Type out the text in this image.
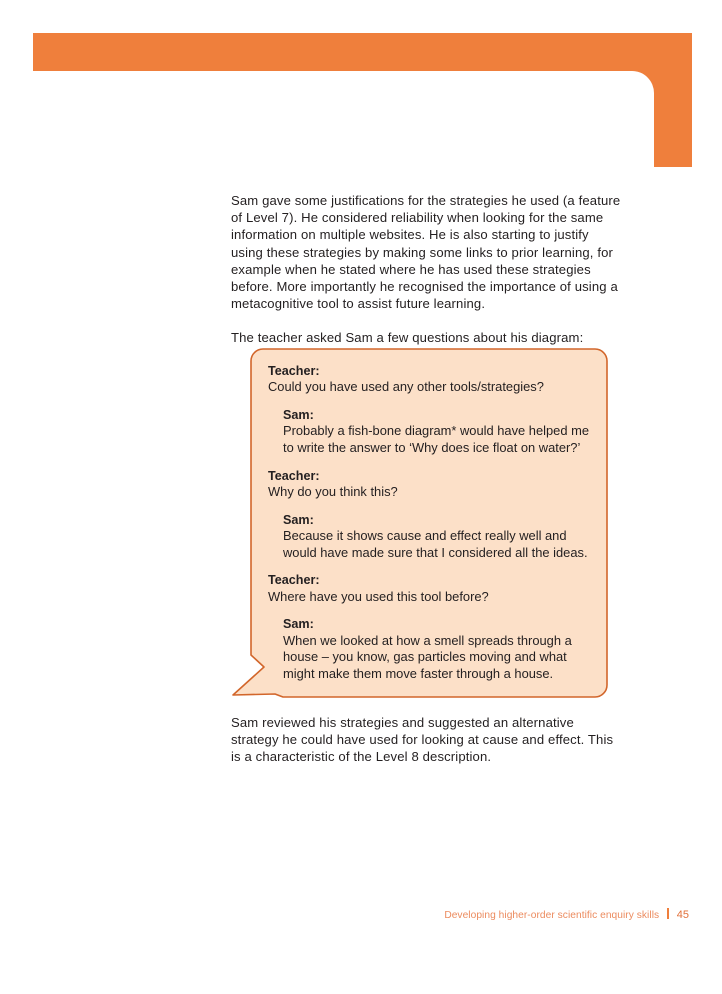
Sam gave some justifications for the strategies he used (a feature of Level 7). He considered reliability when looking for the same information on multiple websites. He is also starting to justify using these strategies by making some links to prior learning, for example when he stated where he has used these strategies before. More importantly he recognised the importance of using a metacognitive tool to assist future learning.

The teacher asked Sam a few questions about his diagram:

Teacher:
Could you have used any other tools/strategies?
Sam:
Probably a fish-bone diagram* would have helped me to write the answer to ‘Why does ice float on water?’
Teacher:
Why do you think this?
Sam:
Because it shows cause and effect really well and would have made sure that I considered all the ideas.
Teacher:
Where have you used this tool before?
Sam:
When we looked at how a smell spreads through a house – you know, gas particles moving and what might make them move faster through a house.

Sam reviewed his strategies and suggested an alternative strategy he could have used for looking at cause and effect. This is a characteristic of the Level 8 description.

Developing higher-order scientific enquiry skills 45
